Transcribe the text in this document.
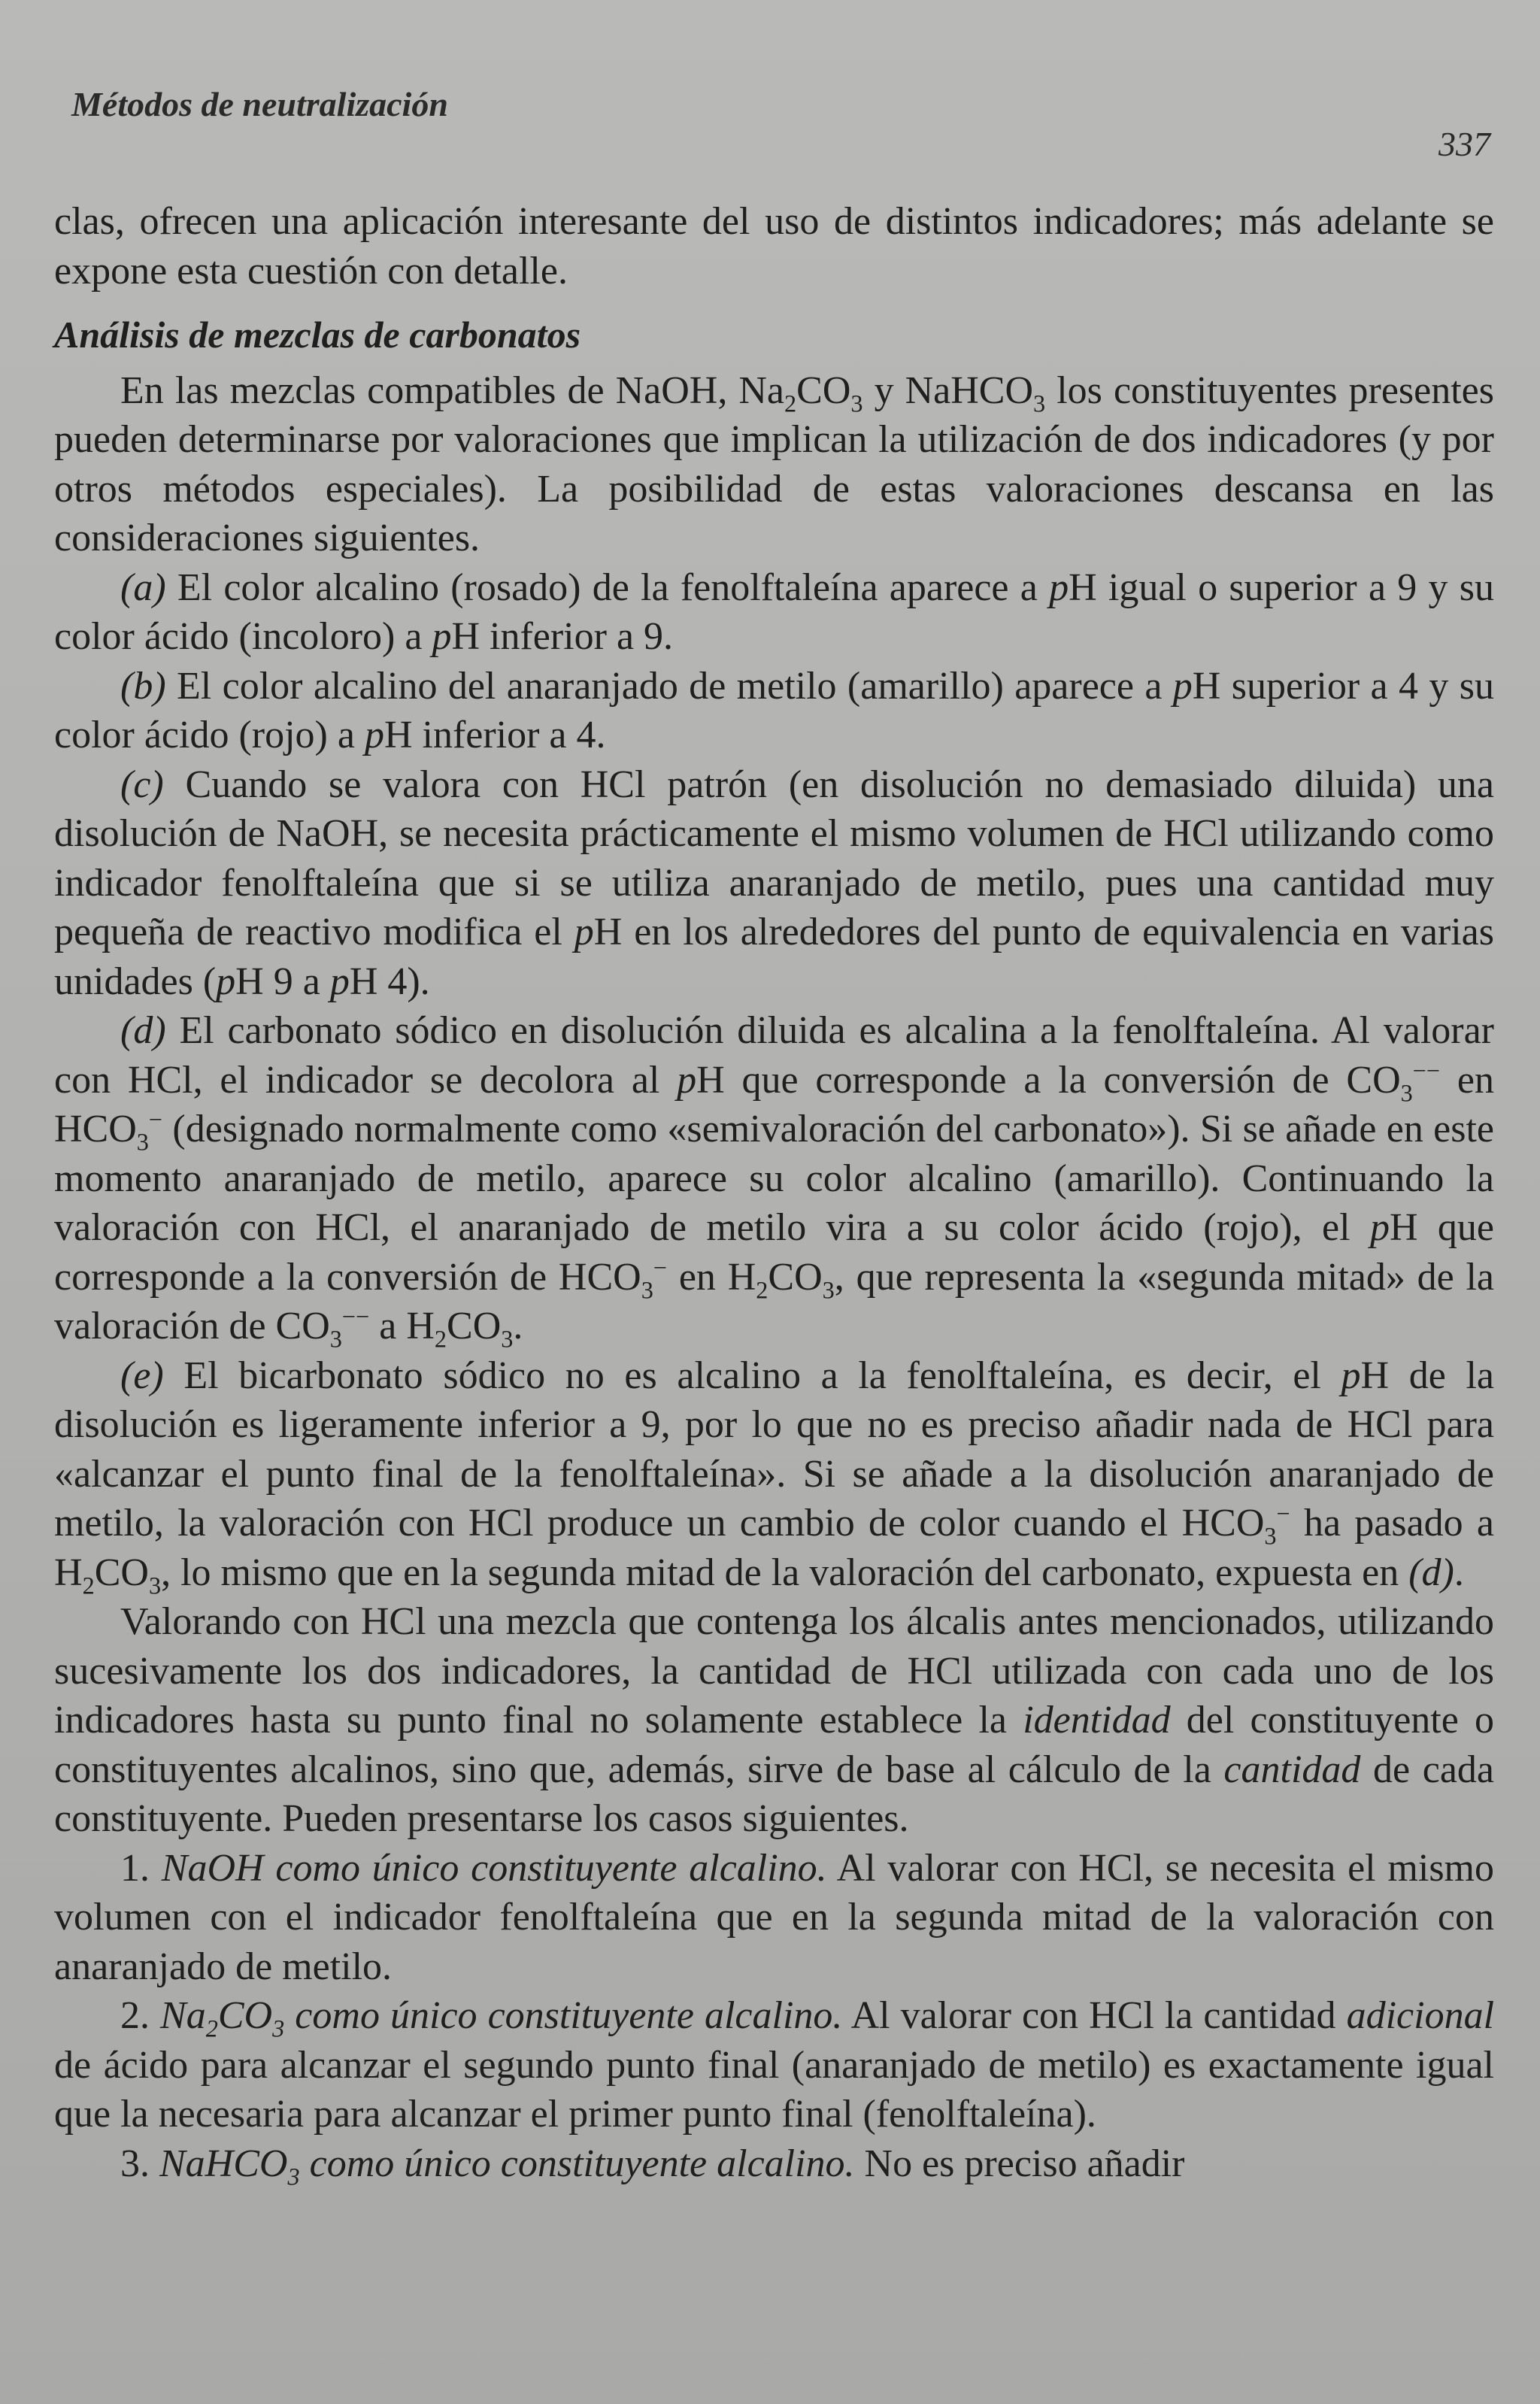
Métodos de neutralización
337

clas, ofrecen una aplicación interesante del uso de distintos indicadores; más adelante se expone esta cuestión con detalle.

Análisis de mezclas de carbonatos

En las mezclas compatibles de NaOH, $Na_2CO_3$ y NaHCO$_3$ los constituyentes presentes pueden determinarse por valoraciones que implican la utilización de dos indicadores (y por otros métodos especiales). La posibilidad de estas valoraciones descansa en las consideraciones siguientes.

(a) El color alcalino (rosado) de la fenolftaleína aparece a pH igual o superior a 9 y su color ácido (incoloro) a pH inferior a 9.

(b) El color alcalino del anaranjado de metilo (amarillo) aparece a pH superior a 4 y su color ácido (rojo) a pH inferior a 4.

(c) Cuando se valora con HCl patrón (en disolución no demasiado diluida) una disolución de NaOH, se necesita prácticamente el mismo volumen de HCl utilizando como indicador fenolftaleína que si se utiliza anaranjado de metilo, pues una cantidad muy pequeña de reactivo modifica el pH en los alrededores del punto de equivalencia en varias unidades (pH 9 a pH 4).

(d) El carbonato sódico en disolución diluida es alcalina a la fenolftaleína. Al valorar con HCl, el indicador se decolora al pH que corresponde a la conversión de $CO_3^{--}$ en $HCO_3^-$ (designado normalmente como «semivaloración del carbonato»). Si se añade en este momento anaranjado de metilo, aparece su color alcalino (amarillo). Continuando la valoración con HCl, el anaranjado de metilo vira a su color ácido (rojo), el pH que corresponde a la conversión de $HCO_3^-$ en $H_2CO_3$, que representa la «segunda mitad» de la valoración de $CO_3^{--}$ a $H_2CO_3$.

(e) El bicarbonato sódico no es alcalino a la fenolftaleína, es decir, el pH de la disolución es ligeramente inferior a 9, por lo que no es preciso añadir nada de HCl para «alcanzar el punto final de la fenolftaleína». Si se añade a la disolución anaranjado de metilo, la valoración con HCl produce un cambio de color cuando el $HCO_3^-$ ha pasado a $H_2CO_3$, lo mismo que en la segunda mitad de la valoración del carbonato, expuesta en (d).

Valorando con HCl una mezcla que contenga los álcalis antes mencionados, utilizando sucesivamente los dos indicadores, la cantidad de HCl utilizada con cada uno de los indicadores hasta su punto final no solamente establece la identidad del constituyente o constituyentes alcalinos, sino que, además, sirve de base al cálculo de la cantidad de cada constituyente. Pueden presentarse los casos siguientes.

1. NaOH como único constituyente alcalino. Al valorar con HCl, se necesita el mismo volumen con el indicador fenolftaleína que en la segunda mitad de la valoración con anaranjado de metilo.

2. $Na_2CO_3$ como único constituyente alcalino. Al valorar con HCl la cantidad adicional de ácido para alcanzar el segundo punto final (anaranjado de metilo) es exactamente igual que la necesaria para alcanzar el primer punto final (fenolftaleína).

3. NaHCO$_3$ como único constituyente alcalino. No es preciso añadir
